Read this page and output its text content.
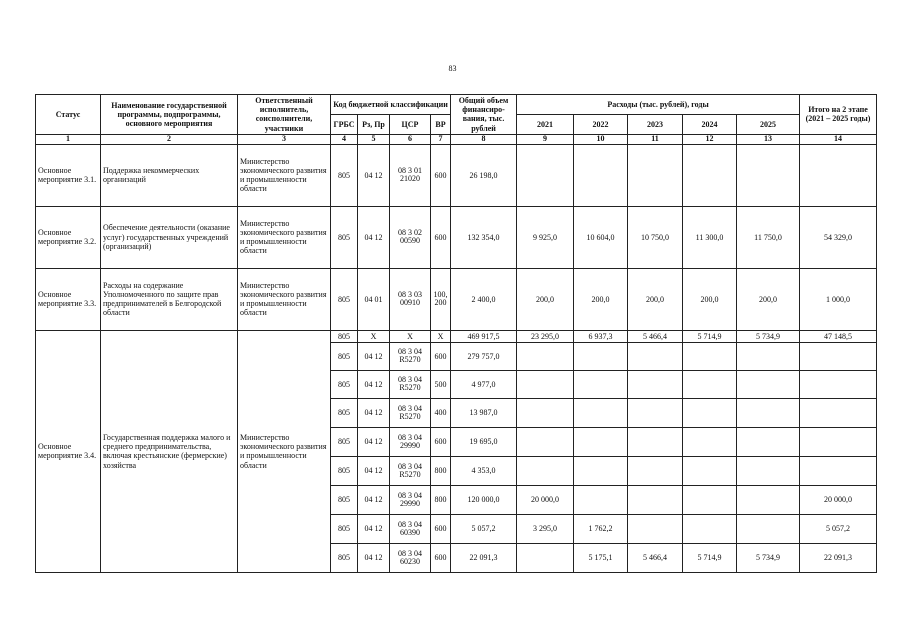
83
Статус	Наименование государственной программы, подпрограммы, основного мероприятия	Ответственный исполнитель, соисполнители, участники	Код бюджетной классификации				Общий объем финансиро-вания, тыс. рублей	Расходы (тыс. рублей), годы					Итого на 2 этапе (2021 – 2025 годы)
			ГРБС	Рз, Пр	ЦСР	ВР		2021	2022	2023	2024	2025	
1	2	3	4	5	6	7	8	9	10	11	12	13	14
Основное мероприятие 3.1.	Поддержка некоммерческих организаций	Министерство экономического развития и промышленности области	805	04 12	08 3 01 21020	600	26 198,0						
Основное мероприятие 3.2.	Обеспечение деятельности (оказание услуг) государственных учреждений (организаций)	Министерство экономического развития и промышленности области	805	04 12	08 3 02 00590	600	132 354,0	9 925,0	10 604,0	10 750,0	11 300,0	11 750,0	54 329,0
Основное мероприятие 3.3.	Расходы на содержание Уполномоченного по защите прав предпринимателей в Белгородской области	Министерство экономического развития и промышленности области	805	04 01	08 3 03 00910	100, 200	2 400,0	200,0	200,0	200,0	200,0	200,0	1 000,0
Основное мероприятие 3.4.	Государственная поддержка малого и среднего предпринимательства, включая крестьянские (фермерские) хозяйства	Министерство экономического развития и промышленности области	805	X	X	X	469 917,5	23 295,0	6 937,3	5 466,4	5 714,9	5 734,9	47 148,5
			805	04 12	08 3 04 R5270	600	279 757,0						
			805	04 12	08 3 04 R5270	500	4 977,0						
			805	04 12	08 3 04 R5270	400	13 987,0						
			805	04 12	08 3 04 29990	600	19 695,0						
			805	04 12	08 3 04 R5270	800	4 353,0						
			805	04 12	08 3 04 29990	800	120 000,0	20 000,0					20 000,0
			805	04 12	08 3 04 60390	600	5 057,2	3 295,0	1 762,2				5 057,2
			805	04 12	08 3 04 60230	600	22 091,3		5 175,1	5 466,4	5 714,9	5 734,9	22 091,3
